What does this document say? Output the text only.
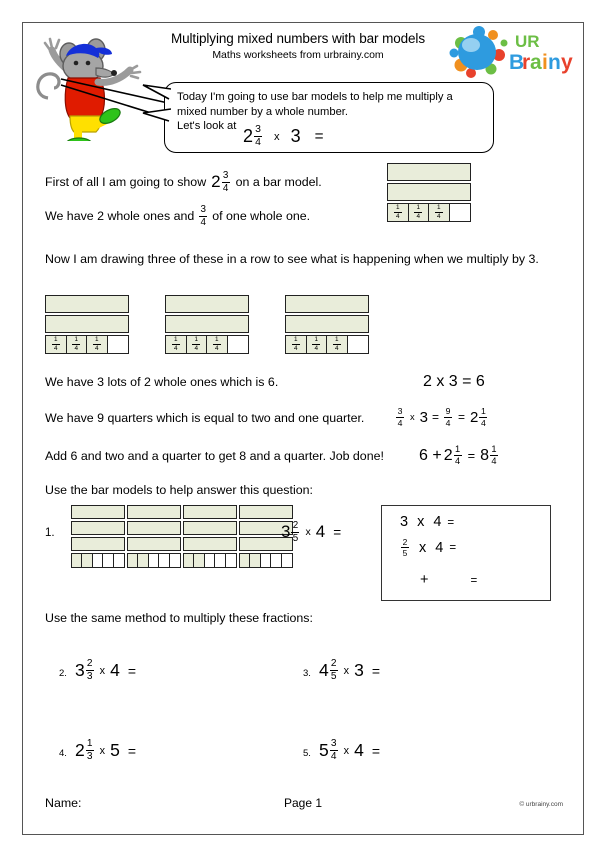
Multiplying mixed numbers with bar models
Maths worksheets from urbrainy.com
UR
B
r a i n y
Today I'm going to use bar models to help me multiply a
mixed number by a whole number.
Let's look at
$2 \frac{3}{4}$ x 3 =
First of all I am going to show $2 \frac{3}{4}$ on a bar model.
We have 2 whole ones and $\frac{3}{4}$ of one whole one.	$\frac{1}{4} \frac{1}{4} \frac{1}{4}$
Now I am drawing three of these in a row to see what is happening when we multiply by 3.
$\frac{1}{4} \frac{1}{4} \frac{1}{4}$	$\frac{1}{4} \frac{1}{4} \frac{1}{4}$	$\frac{1}{4} \frac{1}{4} \frac{1}{4}$
We have 3 lots of 2 whole ones which is 6.	2 x 3 = 6
We have 9 quarters which is equal to two and one quarter.	$\frac{3}{4}$ x $3 = \frac{9}{4} = 2 \frac{1}{4}$
Add 6 and two and a quarter to get 8 and a quarter. Job done! $6 + 2 \frac{1}{4} = 8 \frac{1}{4}$
Use the bar models to help answer this question:
1.	$3 \frac{2}{5}$ x 4 =
3 x 4 =
$\frac{2}{5}$ x 4 =
+	=
Use the same method to multiply these fractions:
2. $3 \frac{2}{3}$ x 4 =	3. $4 \frac{2}{5}$ x 3 =
4. $2 \frac{1}{3}$ x 5 =	5. $5 \frac{3}{4}$ x 4 =
Name:	Page 1	© urbrainy.com
